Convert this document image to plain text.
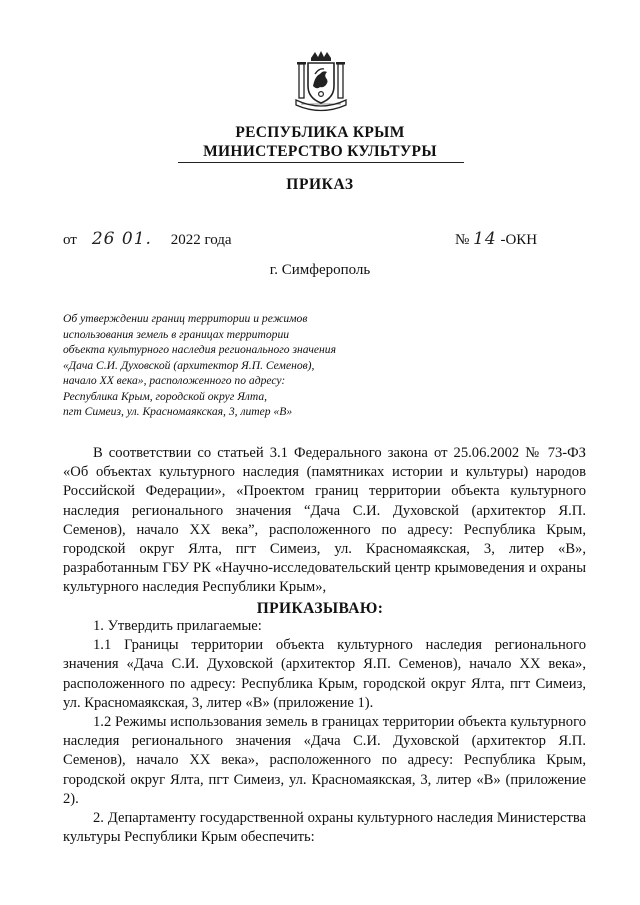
РЕСПУБЛИКА КРЫМ
МИНИСТЕРСТВО КУЛЬТУРЫ
ПРИКАЗ
от 26 01. 2022 года	№ 14 -ОКН
г. Симферополь
Об утверждении границ территории и режимов
использования земель в границах территории
объекта культурного наследия регионального значения
«Дача С.И. Духовской (архитектор Я.П. Семенов),
начало XX века», расположенного по адресу:
Республика Крым, городской округ Ялта,
пгт Симеиз, ул. Красномаякская, 3, литер «В»
В соответствии со статьей 3.1 Федерального закона от 25.06.2002 № 73-ФЗ «Об объектах культурного наследия (памятниках истории и культуры) народов Российской Федерации», «Проектом границ территории объекта культурного наследия регионального значения “Дача С.И. Духовской (архитектор Я.П. Семенов), начало XX века”, расположенного по адресу: Республика Крым, городской округ Ялта, пгт Симеиз, ул. Красномаякская, 3, литер «В», разработанным ГБУ РК «Научно-исследовательский центр крымоведения и охраны культурного наследия Республики Крым»,
ПРИКАЗЫВАЮ:

1. Утвердить прилагаемые:

1.1 Границы территории объекта культурного наследия регионального значения «Дача С.И. Духовской (архитектор Я.П. Семенов), начало XX века», расположенного по адресу: Республика Крым, городской округ Ялта, пгт Симеиз, ул. Красномаякская, 3, литер «В» (приложение 1).

1.2 Режимы использования земель в границах территории объекта культурного наследия регионального значения «Дача С.И. Духовской (архитектор Я.П. Семенов), начало XX века», расположенного по адресу: Республика Крым, городской округ Ялта, пгт Симеиз, ул. Красномаякская, 3, литер «В» (приложение 2).

2. Департаменту государственной охраны культурного наследия Министерства культуры Республики Крым обеспечить:
